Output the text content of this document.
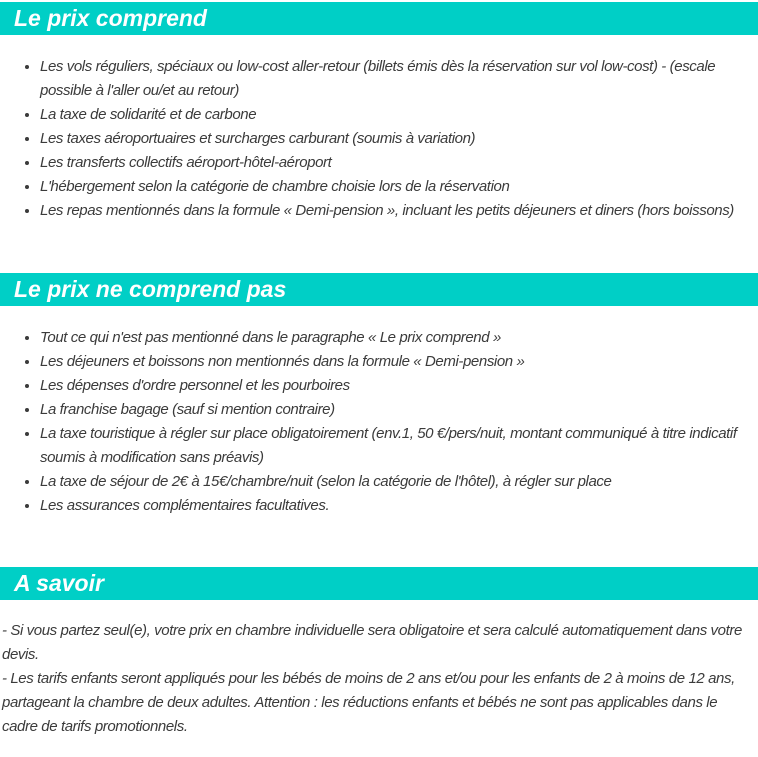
Le prix comprend
• Les vols réguliers, spéciaux ou low-cost aller-retour (billets émis dès la réservation sur vol low-cost) - (escale possible à l'aller ou/et au retour)
• La taxe de solidarité et de carbone
• Les taxes aéroportuaires et surcharges carburant (soumis à variation)
• Les transferts collectifs aéroport-hôtel-aéroport
• L'hébergement selon la catégorie de chambre choisie lors de la réservation
• Les repas mentionnés dans la formule « Demi-pension », incluant les petits déjeuners et diners (hors boissons)
Le prix ne comprend pas
• Tout ce qui n'est pas mentionné dans le paragraphe « Le prix comprend »
• Les déjeuners et boissons non mentionnés dans la formule « Demi-pension »
• Les dépenses d'ordre personnel et les pourboires
• La franchise bagage (sauf si mention contraire)
• La taxe touristique à régler sur place obligatoirement (env.1, 50 €/pers/nuit, montant communiqué à titre indicatif soumis à modification sans préavis)
• La taxe de séjour de 2€ à 15€/chambre/nuit (selon la catégorie de l'hôtel), à régler sur place
• Les assurances complémentaires facultatives.
A savoir

- Si vous partez seul(e), votre prix en chambre individuelle sera obligatoire et sera calculé automatiquement dans votre devis.

- Les tarifs enfants seront appliqués pour les bébés de moins de 2 ans et/ou pour les enfants de 2 à moins de 12 ans, partageant la chambre de deux adultes. Attention : les réductions enfants et bébés ne sont pas applicables dans le cadre de tarifs promotionnels.
